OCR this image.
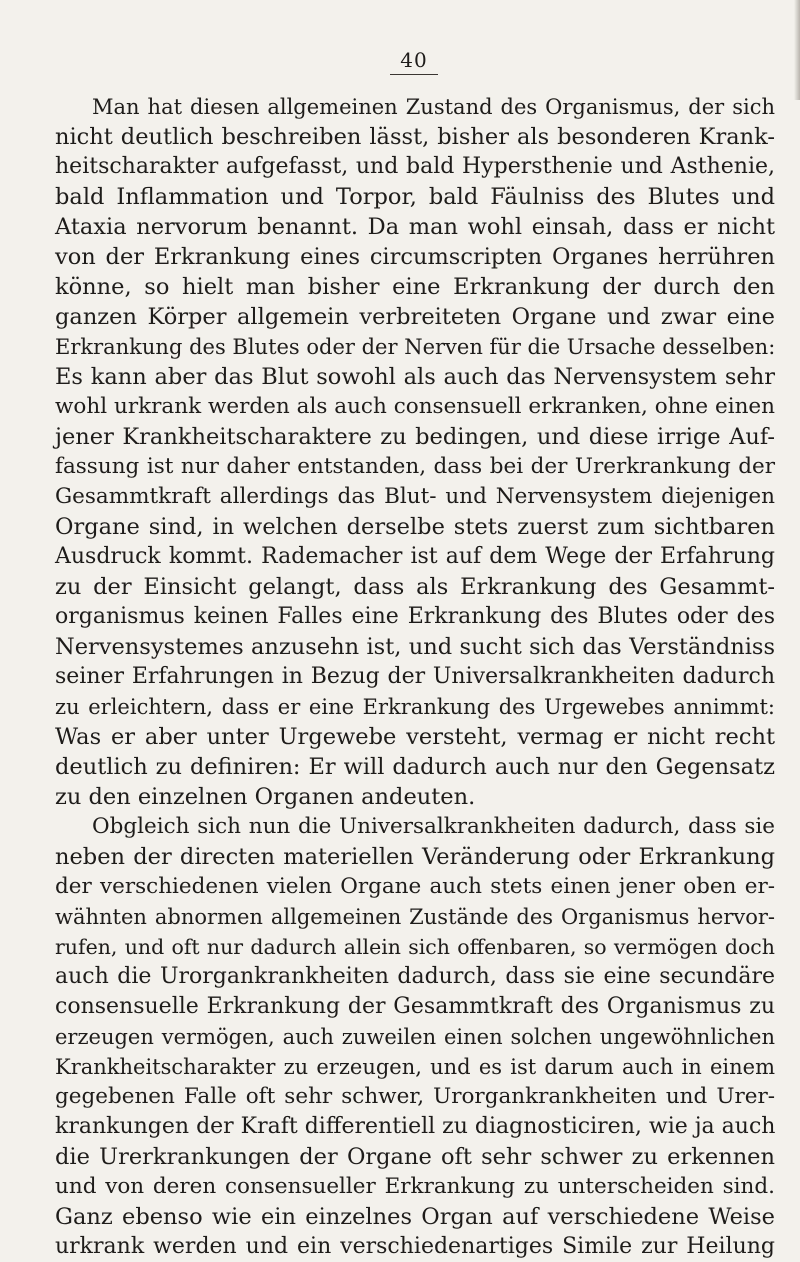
40
Man hat diesen allgemeinen Zustand des Organismus, der sich
nicht deutlich beschreiben lässt, bisher als besonderen Krank-
heitscharakter aufgefasst, und bald Hypersthenie und Asthenie,
bald Inflammation und Torpor, bald Fäulniss des Blutes und
Ataxia nervorum benannt. Da man wohl einsah, dass er nicht
von der Erkrankung eines circumscripten Organes herrühren
könne, so hielt man bisher eine Erkrankung der durch den
ganzen Körper allgemein verbreiteten Organe und zwar eine
Erkrankung des Blutes oder der Nerven für die Ursache desselben:
Es kann aber das Blut sowohl als auch das Nervensystem sehr
wohl urkrank werden als auch consensuell erkranken, ohne einen
jener Krankheitscharaktere zu bedingen, und diese irrige Auf-
fassung ist nur daher entstanden, dass bei der Urerkrankung der
Gesammtkraft allerdings das Blut- und Nervensystem diejenigen
Organe sind, in welchen derselbe stets zuerst zum sichtbaren
Ausdruck kommt. Rademacher ist auf dem Wege der Erfahrung
zu der Einsicht gelangt, dass als Erkrankung des Gesammt-
organismus keinen Falles eine Erkrankung des Blutes oder des
Nervensystemes anzusehn ist, und sucht sich das Verständniss
seiner Erfahrungen in Bezug der Universalkrankheiten dadurch
zu erleichtern, dass er eine Erkrankung des Urgewebes annimmt:
Was er aber unter Urgewebe versteht, vermag er nicht recht
deutlich zu definiren: Er will dadurch auch nur den Gegensatz
zu den einzelnen Organen andeuten.
Obgleich sich nun die Universalkrankheiten dadurch, dass sie
neben der directen materiellen Veränderung oder Erkrankung
der verschiedenen vielen Organe auch stets einen jener oben er-
wähnten abnormen allgemeinen Zustände des Organismus hervor-
rufen, und oft nur dadurch allein sich offenbaren, so vermögen doch
auch die Urorgankrankheiten dadurch, dass sie eine secundäre
consensuelle Erkrankung der Gesammtkraft des Organismus zu
erzeugen vermögen, auch zuweilen einen solchen ungewöhnlichen
Krankheitscharakter zu erzeugen, und es ist darum auch in einem
gegebenen Falle oft sehr schwer, Urorgankrankheiten und Urer-
krankungen der Kraft differentiell zu diagnosticiren, wie ja auch
die Urerkrankungen der Organe oft sehr schwer zu erkennen
und von deren consensueller Erkrankung zu unterscheiden sind.
Ganz ebenso wie ein einzelnes Organ auf verschiedene Weise
urkrank werden und ein verschiedenartiges Simile zur Heilung
